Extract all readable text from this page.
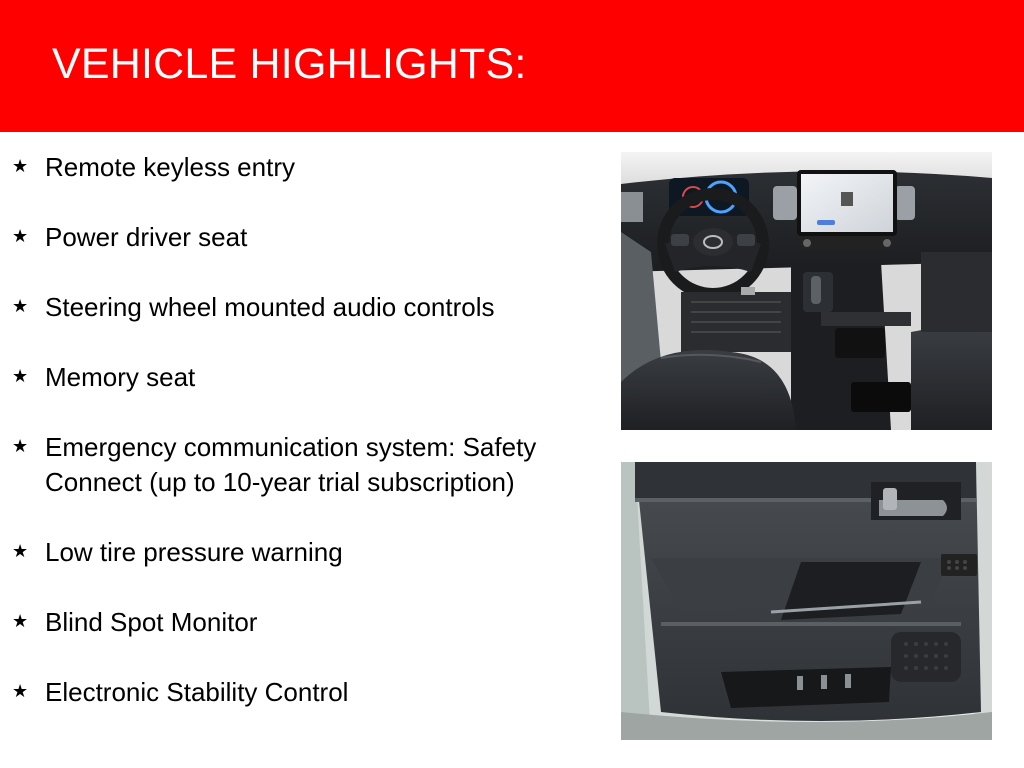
VEHICLE HIGHLIGHTS:
★ Remote keyless entry
★ Power driver seat
★ Steering wheel mounted audio controls
★ Memory seat
★ Emergency communication system: Safety Connect (up to 10-year trial subscription)
★ Low tire pressure warning
★ Blind Spot Monitor
★ Electronic Stability Control
